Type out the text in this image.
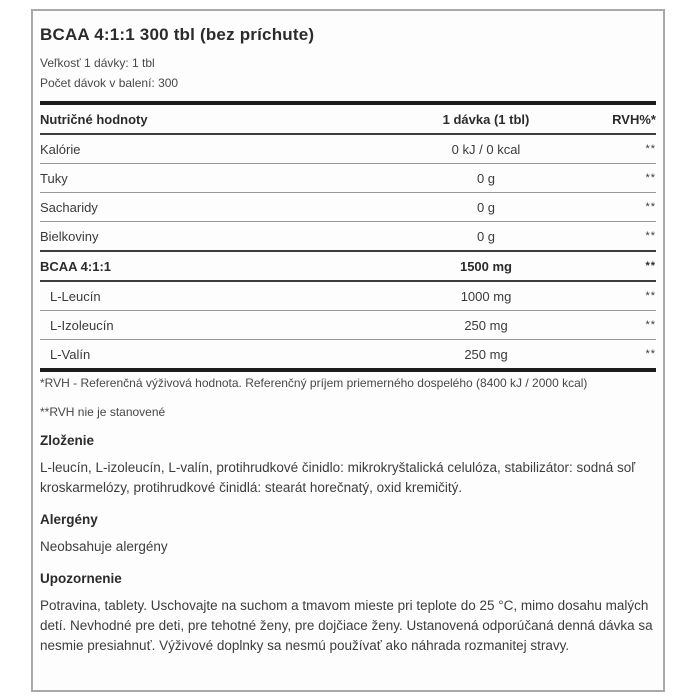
BCAA 4:1:1 300 tbl (bez príchute)
Veľkosť 1 dávky: 1 tbl
Počet dávok v balení: 300
Nutričné hodnoty	1 dávka (1 tbl)	RVH%*
Kalórie	0 kJ / 0 kcal	**
Tuky	0 g	**
Sacharidy	0 g	**
Bielkoviny	0 g	**
BCAA 4:1:1	1500 mg	**
L-Leucín	1000 mg	**
L-Izoleucín	250 mg	**
L-Valín	250 mg	**
*RVH - Referenčná výživová hodnota. Referenčný príjem priemerného dospelého (8400 kJ / 2000 kcal)
**RVH nie je stanovené
Zloženie
L-leucín, L-izoleucín, L-valín, protihrudkové činidlo: mikrokryštalická celulóza, stabilizátor: sodná soľ kroskarmelózy, protihrudkové činidlá: stearát horečnatý, oxid kremičitý.
Alergény
Neobsahuje alergény
Upozornenie
Potravina, tablety. Uschovajte na suchom a tmavom mieste pri teplote do 25 °C, mimo dosahu malých detí. Nevhodné pre deti, pre tehotné ženy, pre dojčiace ženy. Ustanovená odporúčaná denná dávka sa nesmie presiahnuť. Výživové doplnky sa nesmú používať ako náhrada rozmanitej stravy.
